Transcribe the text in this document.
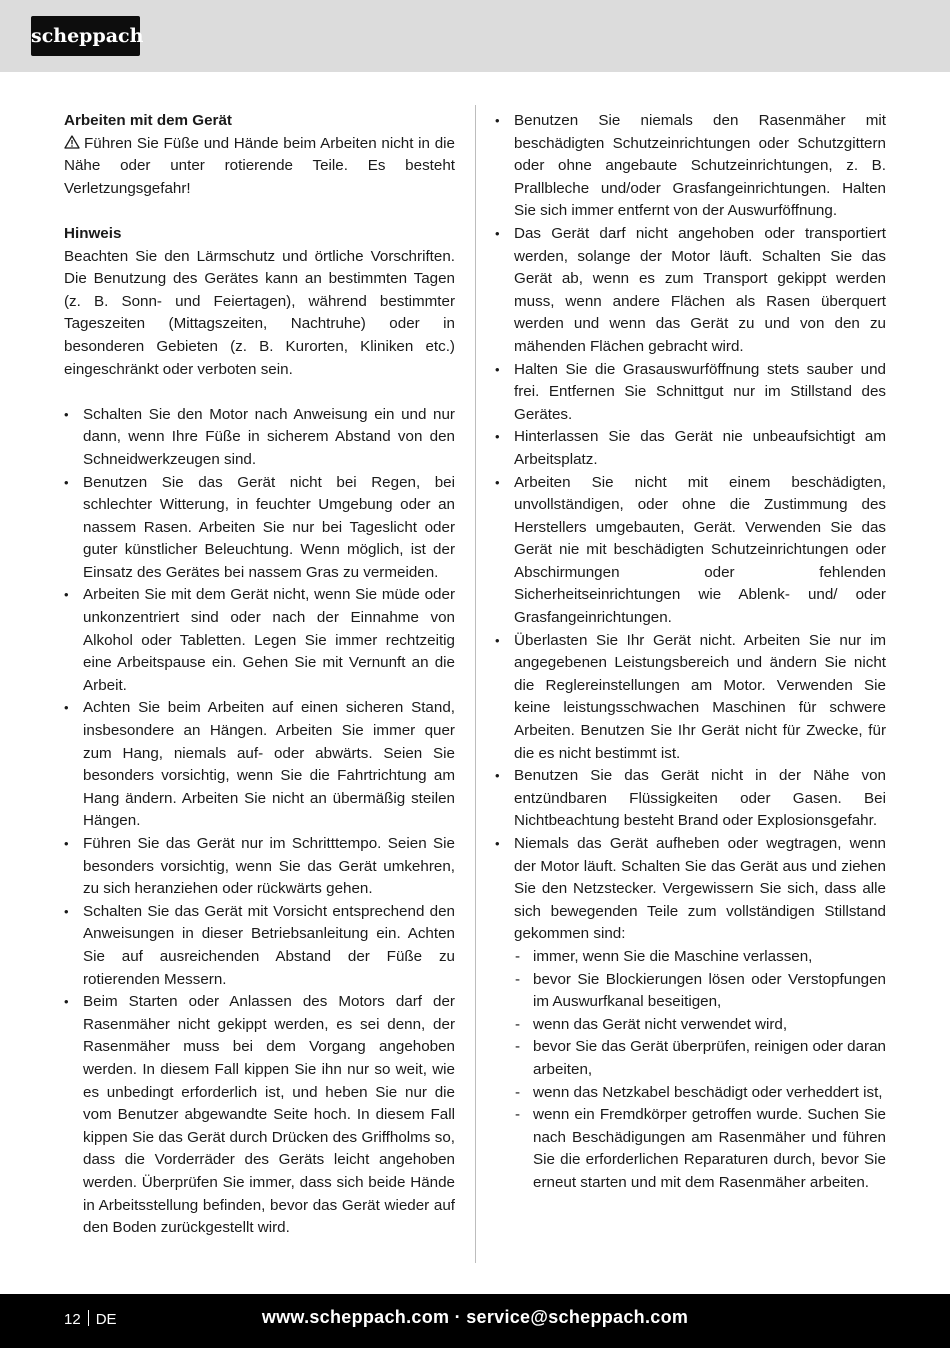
scheppach

Arbeiten mit dem Gerät

Führen Sie Füße und Hände beim Arbeiten nicht in die Nähe oder unter rotierende Teile. Es besteht Verletzungsgefahr!

Hinweis

Beachten Sie den Lärmschutz und örtliche Vorschriften. Die Benutzung des Gerätes kann an bestimmten Tagen (z. B. Sonn- und Feiertagen), während bestimmter Tageszeiten (Mittagszeiten, Nachtruhe) oder in besonderen Gebieten (z. B. Kurorten, Kliniken etc.) eingeschränkt oder verboten sein.

• Schalten Sie den Motor nach Anweisung ein und nur dann, wenn Ihre Füße in sicherem Abstand von den Schneidwerkzeugen sind.
• Benutzen Sie das Gerät nicht bei Regen, bei schlechter Witterung, in feuchter Umgebung oder an nassem Rasen. Arbeiten Sie nur bei Tageslicht oder guter künstlicher Beleuchtung. Wenn möglich, ist der Einsatz des Gerätes bei nassem Gras zu vermeiden.
• Arbeiten Sie mit dem Gerät nicht, wenn Sie müde oder unkonzentriert sind oder nach der Einnahme von Alkohol oder Tabletten. Legen Sie immer rechtzeitig eine Arbeitspause ein. Gehen Sie mit Vernunft an die Arbeit.
• Achten Sie beim Arbeiten auf einen sicheren Stand, insbesondere an Hängen. Arbeiten Sie immer quer zum Hang, niemals auf- oder abwärts. Seien Sie besonders vorsichtig, wenn Sie die Fahrtrichtung am Hang ändern. Arbeiten Sie nicht an übermäßig steilen Hängen.
• Führen Sie das Gerät nur im Schritttempo. Seien Sie besonders vorsichtig, wenn Sie das Gerät umkehren, zu sich heranziehen oder rückwärts gehen.
• Schalten Sie das Gerät mit Vorsicht entsprechend den Anweisungen in dieser Betriebsanleitung ein. Achten Sie auf ausreichenden Abstand der Füße zu rotierenden Messern.
• Beim Starten oder Anlassen des Motors darf der Rasenmäher nicht gekippt werden, es sei denn, der Rasenmäher muss bei dem Vorgang angehoben werden. In diesem Fall kippen Sie ihn nur so weit, wie es unbedingt erforderlich ist, und heben Sie nur die vom Benutzer abgewandte Seite hoch. In diesem Fall kippen Sie das Gerät durch Drücken des Griffholms so, dass die Vorderräder des Geräts leicht angehoben werden. Überprüfen Sie immer, dass sich beide Hände in Arbeitsstellung befinden, bevor das Gerät wieder auf den Boden zurückgestellt wird.
• Benutzen Sie niemals den Rasenmäher mit beschädigten Schutzeinrichtungen oder Schutzgittern oder ohne angebaute Schutzeinrichtungen, z. B. Prallbleche und/oder Grasfangeinrichtungen. Halten Sie sich immer entfernt von der Auswurföffnung.
• Das Gerät darf nicht angehoben oder transportiert werden, solange der Motor läuft. Schalten Sie das Gerät ab, wenn es zum Transport gekippt werden muss, wenn andere Flächen als Rasen überquert werden und wenn das Gerät zu und von den zu mähenden Flächen gebracht wird.
• Halten Sie die Grasauswurföffnung stets sauber und frei. Entfernen Sie Schnittgut nur im Stillstand des Gerätes.
• Hinterlassen Sie das Gerät nie unbeaufsichtigt am Arbeitsplatz.
• Arbeiten Sie nicht mit einem beschädigten, unvollständigen, oder ohne die Zustimmung des Herstellers umgebauten, Gerät. Verwenden Sie das Gerät nie mit beschädigten Schutzeinrichtungen oder Abschirmungen oder fehlenden Sicherheitseinrichtungen wie Ablenk- und/ oder Grasfangeinrichtungen.
• Überlasten Sie Ihr Gerät nicht. Arbeiten Sie nur im angegebenen Leistungsbereich und ändern Sie nicht die Reglereinstellungen am Motor. Verwenden Sie keine leistungsschwachen Maschinen für schwere Arbeiten. Benutzen Sie Ihr Gerät nicht für Zwecke, für die es nicht bestimmt ist.
• Benutzen Sie das Gerät nicht in der Nähe von entzündbaren Flüssigkeiten oder Gasen. Bei Nichtbeachtung besteht Brand oder Explosionsgefahr.
• Niemals das Gerät aufheben oder wegtragen, wenn der Motor läuft. Schalten Sie das Gerät aus und ziehen Sie den Netzstecker. Vergewissern Sie sich, dass alle sich bewegenden Teile zum vollständigen Stillstand gekommen sind:
- immer, wenn Sie die Maschine verlassen,
- bevor Sie Blockierungen lösen oder Verstopfungen im Auswurfkanal beseitigen,
- wenn das Gerät nicht verwendet wird,
- bevor Sie das Gerät überprüfen, reinigen oder daran arbeiten,
- wenn das Netzkabel beschädigt oder verheddert ist,
- wenn ein Fremdkörper getroffen wurde. Suchen Sie nach Beschädigungen am Rasenmäher und führen Sie die erforderlichen Reparaturen durch, bevor Sie erneut starten und mit dem Rasenmäher arbeiten.
12 DE	www.scheppach.com · service@scheppach.com
